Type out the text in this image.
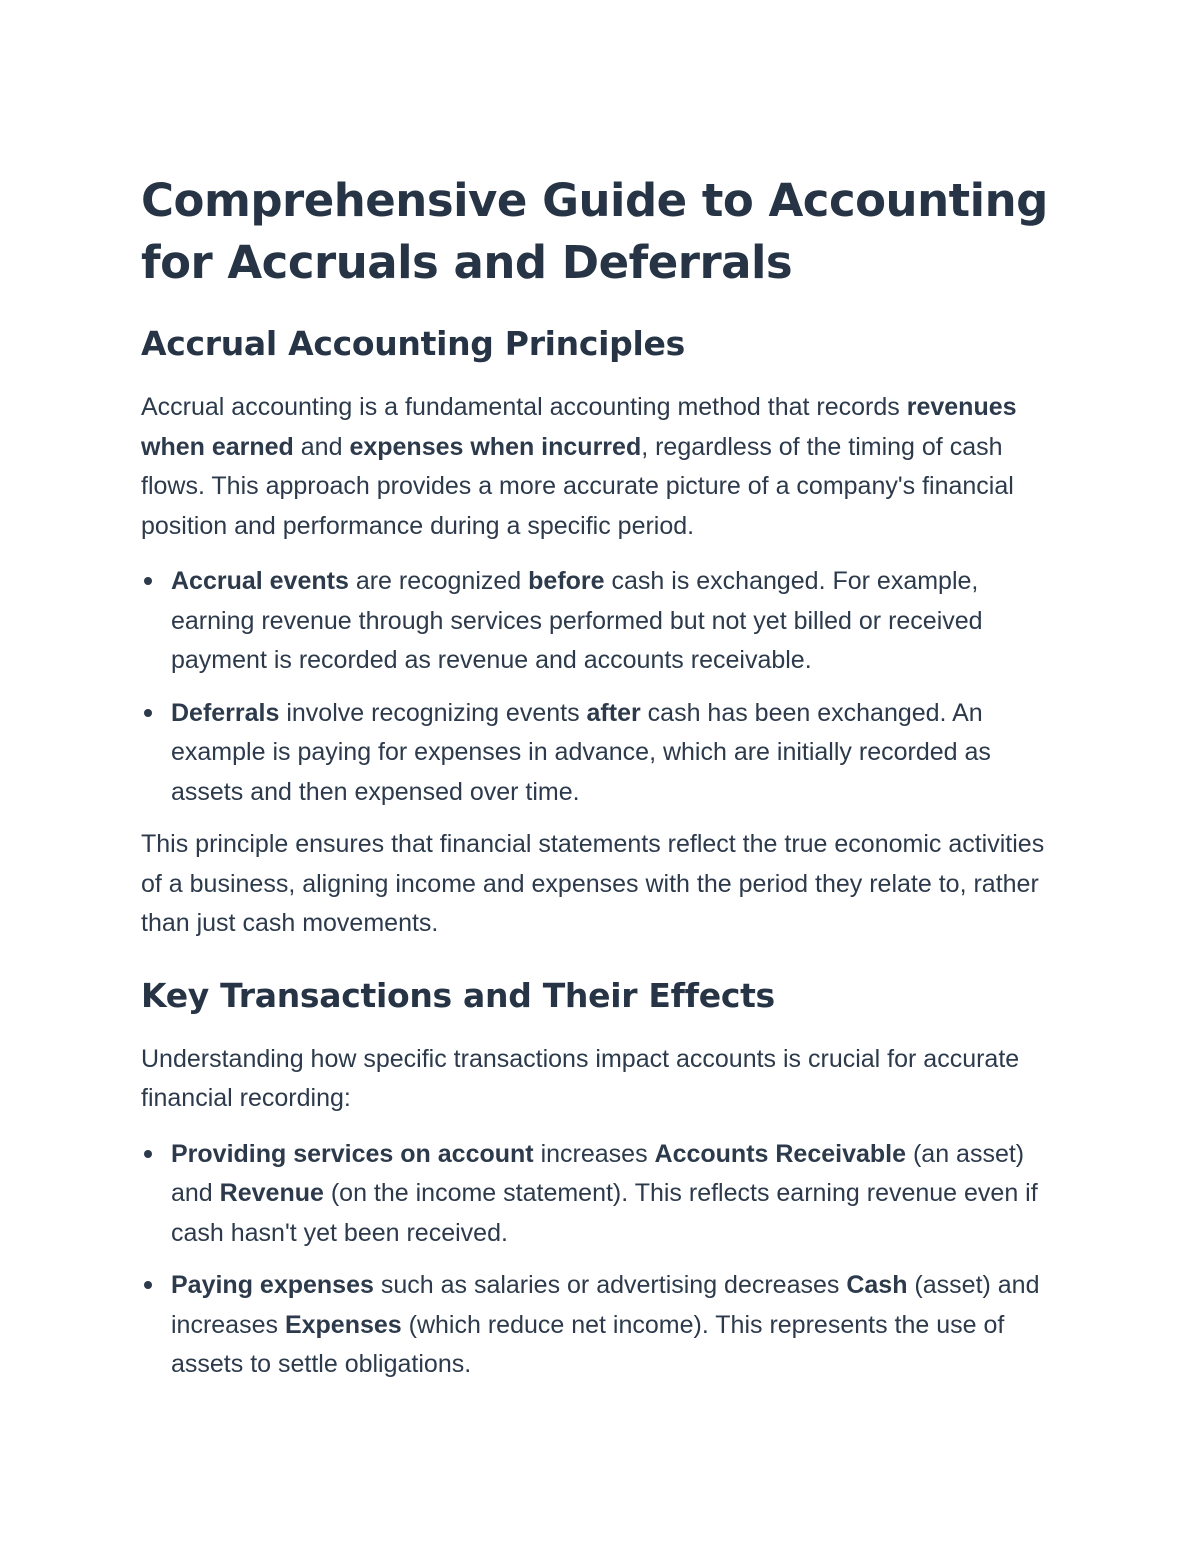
Comprehensive Guide to Accounting for Accruals and Deferrals
Accrual Accounting Principles

Accrual accounting is a fundamental accounting method that records revenues when earned and expenses when incurred, regardless of the timing of cash flows. This approach provides a more accurate picture of a company's financial position and performance during a specific period.

Accrual events are recognized before cash is exchanged. For example, earning revenue through services performed but not yet billed or received payment is recorded as revenue and accounts receivable.
Deferrals involve recognizing events after cash has been exchanged. An example is paying for expenses in advance, which are initially recorded as assets and then expensed over time.

This principle ensures that financial statements reflect the true economic activities of a business, aligning income and expenses with the period they relate to, rather than just cash movements.

Key Transactions and Their Effects

Understanding how specific transactions impact accounts is crucial for accurate financial recording:

Providing services on account increases Accounts Receivable (an asset) and Revenue (on the income statement). This reflects earning revenue even if cash hasn't yet been received.
Paying expenses such as salaries or advertising decreases Cash (asset) and increases Expenses (which reduce net income). This represents the use of assets to settle obligations.
